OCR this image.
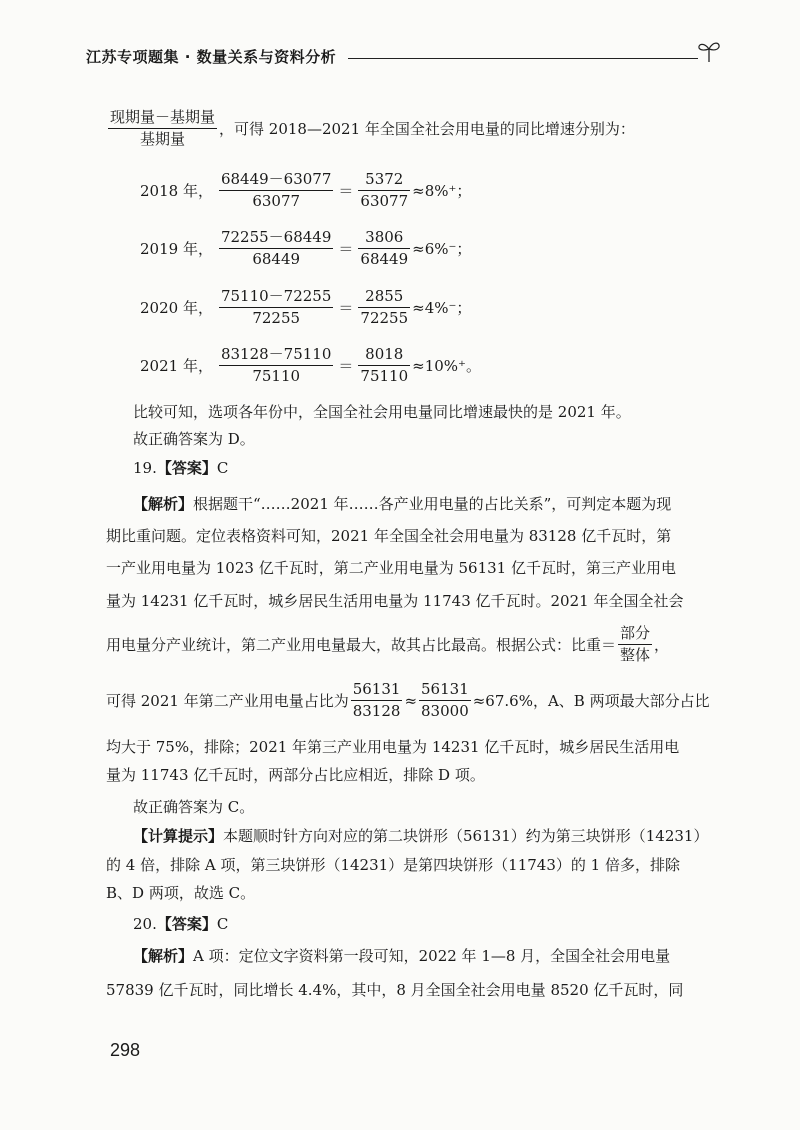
江苏专项题集 · 数量关系与资料分析
$\frac{\text{现期量－基期量}}{\text{基期量}}$ ，可得 2018—2021 年全国全社会用电量的同比增速分别为：
2018 年， $\frac{68449-63077}{63077} = \frac{5372}{63077} \approx 8\%^+$；
2019 年， $\frac{72255-68449}{68449} = \frac{3806}{68449} \approx 6\%^-$；
2020 年， $\frac{75110-72255}{72255} = \frac{2855}{72255} \approx 4\%^-$；
2021 年， $\frac{83128-75110}{75110} = \frac{8018}{75110} \approx 10\%^+$。
比较可知，选项各年份中，全国全社会用电量同比增速最快的是 2021 年。
故正确答案为 D。
19.【答案】C
【解析】根据题干“……2021 年……各产业用电量的占比关系”，可判定本题为现
期比重问题。定位表格资料可知，2021 年全国全社会用电量为 83128 亿千瓦时，第
一产业用电量为 1023 亿千瓦时，第二产业用电量为 56131 亿千瓦时，第三产业用电
量为 14231 亿千瓦时，城乡居民生活用电量为 11743 亿千瓦时。2021 年全国全社会
用电量分产业统计，第二产业用电量最大，故其占比最高。根据公式：比重＝ $\frac{\text{部分}}{\text{整体}}$ ，
可得 2021 年第二产业用电量占比为 $\frac{56131}{83128} \approx \frac{56131}{83000} \approx 67.6\%$，A、B 两项最大部分占比
均大于 75%，排除；2021 年第三产业用电量为 14231 亿千瓦时，城乡居民生活用电
量为 11743 亿千瓦时，两部分占比应相近，排除 D 项。
故正确答案为 C。
【计算提示】本题顺时针方向对应的第二块饼形（56131）约为第三块饼形（14231）
的 4 倍，排除 A 项，第三块饼形（14231）是第四块饼形（11743）的 1 倍多，排除
B、D 两项，故选 C。
20.【答案】C
【解析】A 项：定位文字资料第一段可知，2022 年 1—8 月，全国全社会用电量
57839 亿千瓦时，同比增长 4.4%，其中，8 月全国全社会用电量 8520 亿千瓦时，同
298
